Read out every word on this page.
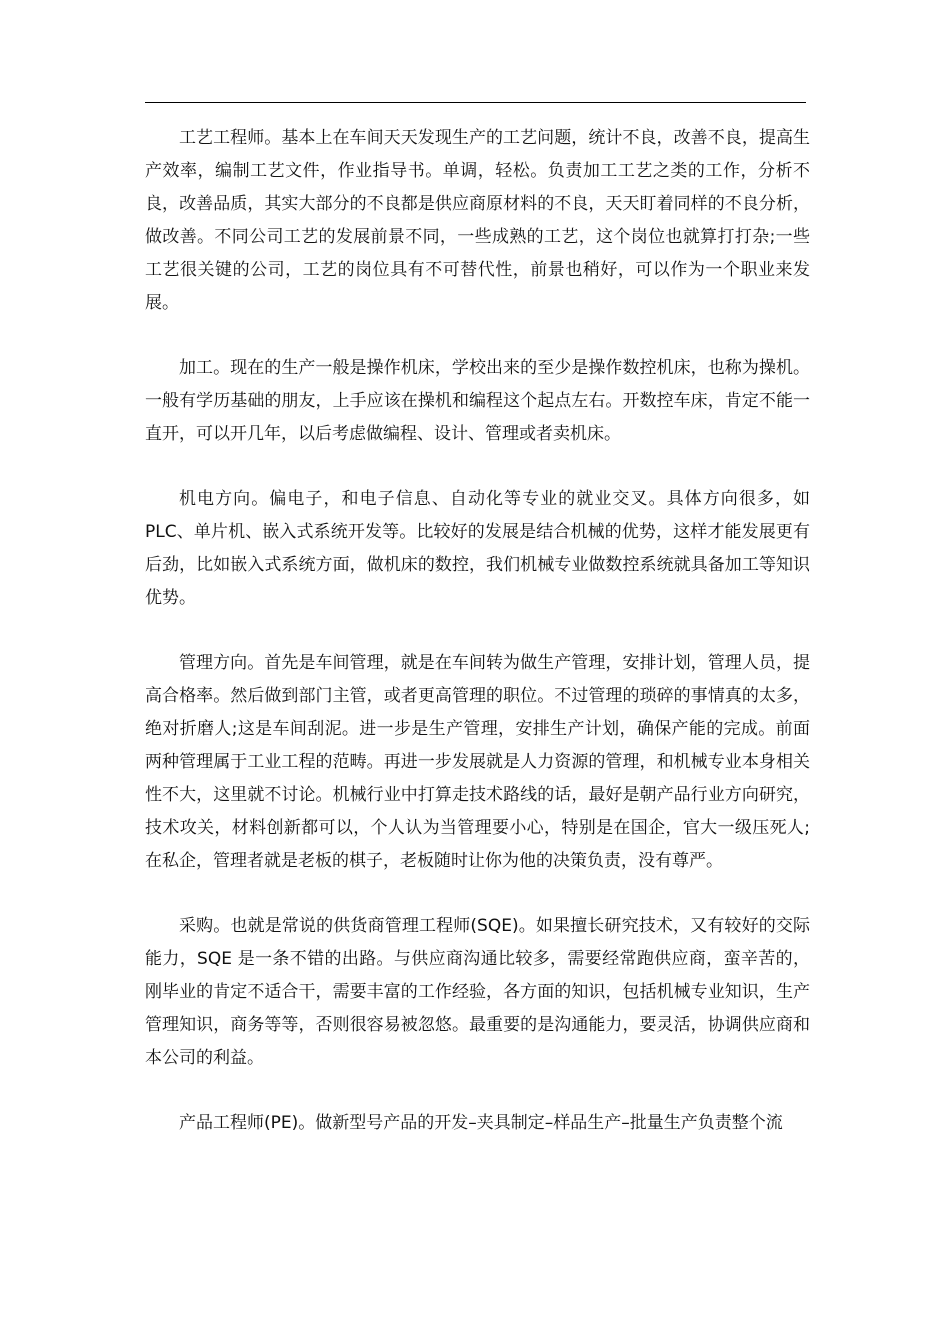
工艺工程师。基本上在车间天天发现生产的工艺问题，统计不良，改善不良，提高生产效率，编制工艺文件，作业指导书。单调，轻松。负责加工工艺之类的工作，分析不良，改善品质，其实大部分的不良都是供应商原材料的不良，天天盯着同样的不良分析，做改善。不同公司工艺的发展前景不同，一些成熟的工艺，这个岗位也就算打打杂;一些工艺很关键的公司，工艺的岗位具有不可替代性，前景也稍好，可以作为一个职业来发展。

加工。现在的生产一般是操作机床，学校出来的至少是操作数控机床，也称为操机。一般有学历基础的朋友，上手应该在操机和编程这个起点左右。开数控车床，肯定不能一直开，可以开几年，以后考虑做编程、设计、管理或者卖机床。

机电方向。偏电子，和电子信息、自动化等专业的就业交叉。具体方向很多，如 PLC、单片机、嵌入式系统开发等。比较好的发展是结合机械的优势，这样才能发展更有后劲，比如嵌入式系统方面，做机床的数控，我们机械专业做数控系统就具备加工等知识优势。

管理方向。首先是车间管理，就是在车间转为做生产管理，安排计划，管理人员，提高合格率。然后做到部门主管，或者更高管理的职位。不过管理的琐碎的事情真的太多，绝对折磨人;这是车间刮泥。进一步是生产管理，安排生产计划，确保产能的完成。前面两种管理属于工业工程的范畴。再进一步发展就是人力资源的管理，和机械专业本身相关性不大，这里就不讨论。机械行业中打算走技术路线的话，最好是朝产品行业方向研究，技术攻关，材料创新都可以，个人认为当管理要小心，特别是在国企，官大一级压死人;在私企，管理者就是老板的棋子，老板随时让你为他的决策负责，没有尊严。

采购。也就是常说的供货商管理工程师(SQE)。如果擅长研究技术，又有较好的交际能力，SQE 是一条不错的出路。与供应商沟通比较多，需要经常跑供应商，蛮辛苦的，刚毕业的肯定不适合干，需要丰富的工作经验，各方面的知识，包括机械专业知识，生产管理知识，商务等等，否则很容易被忽悠。最重要的是沟通能力，要灵活，协调供应商和本公司的利益。

产品工程师(PE)。做新型号产品的开发–夹具制定–样品生产–批量生产负责整个流
